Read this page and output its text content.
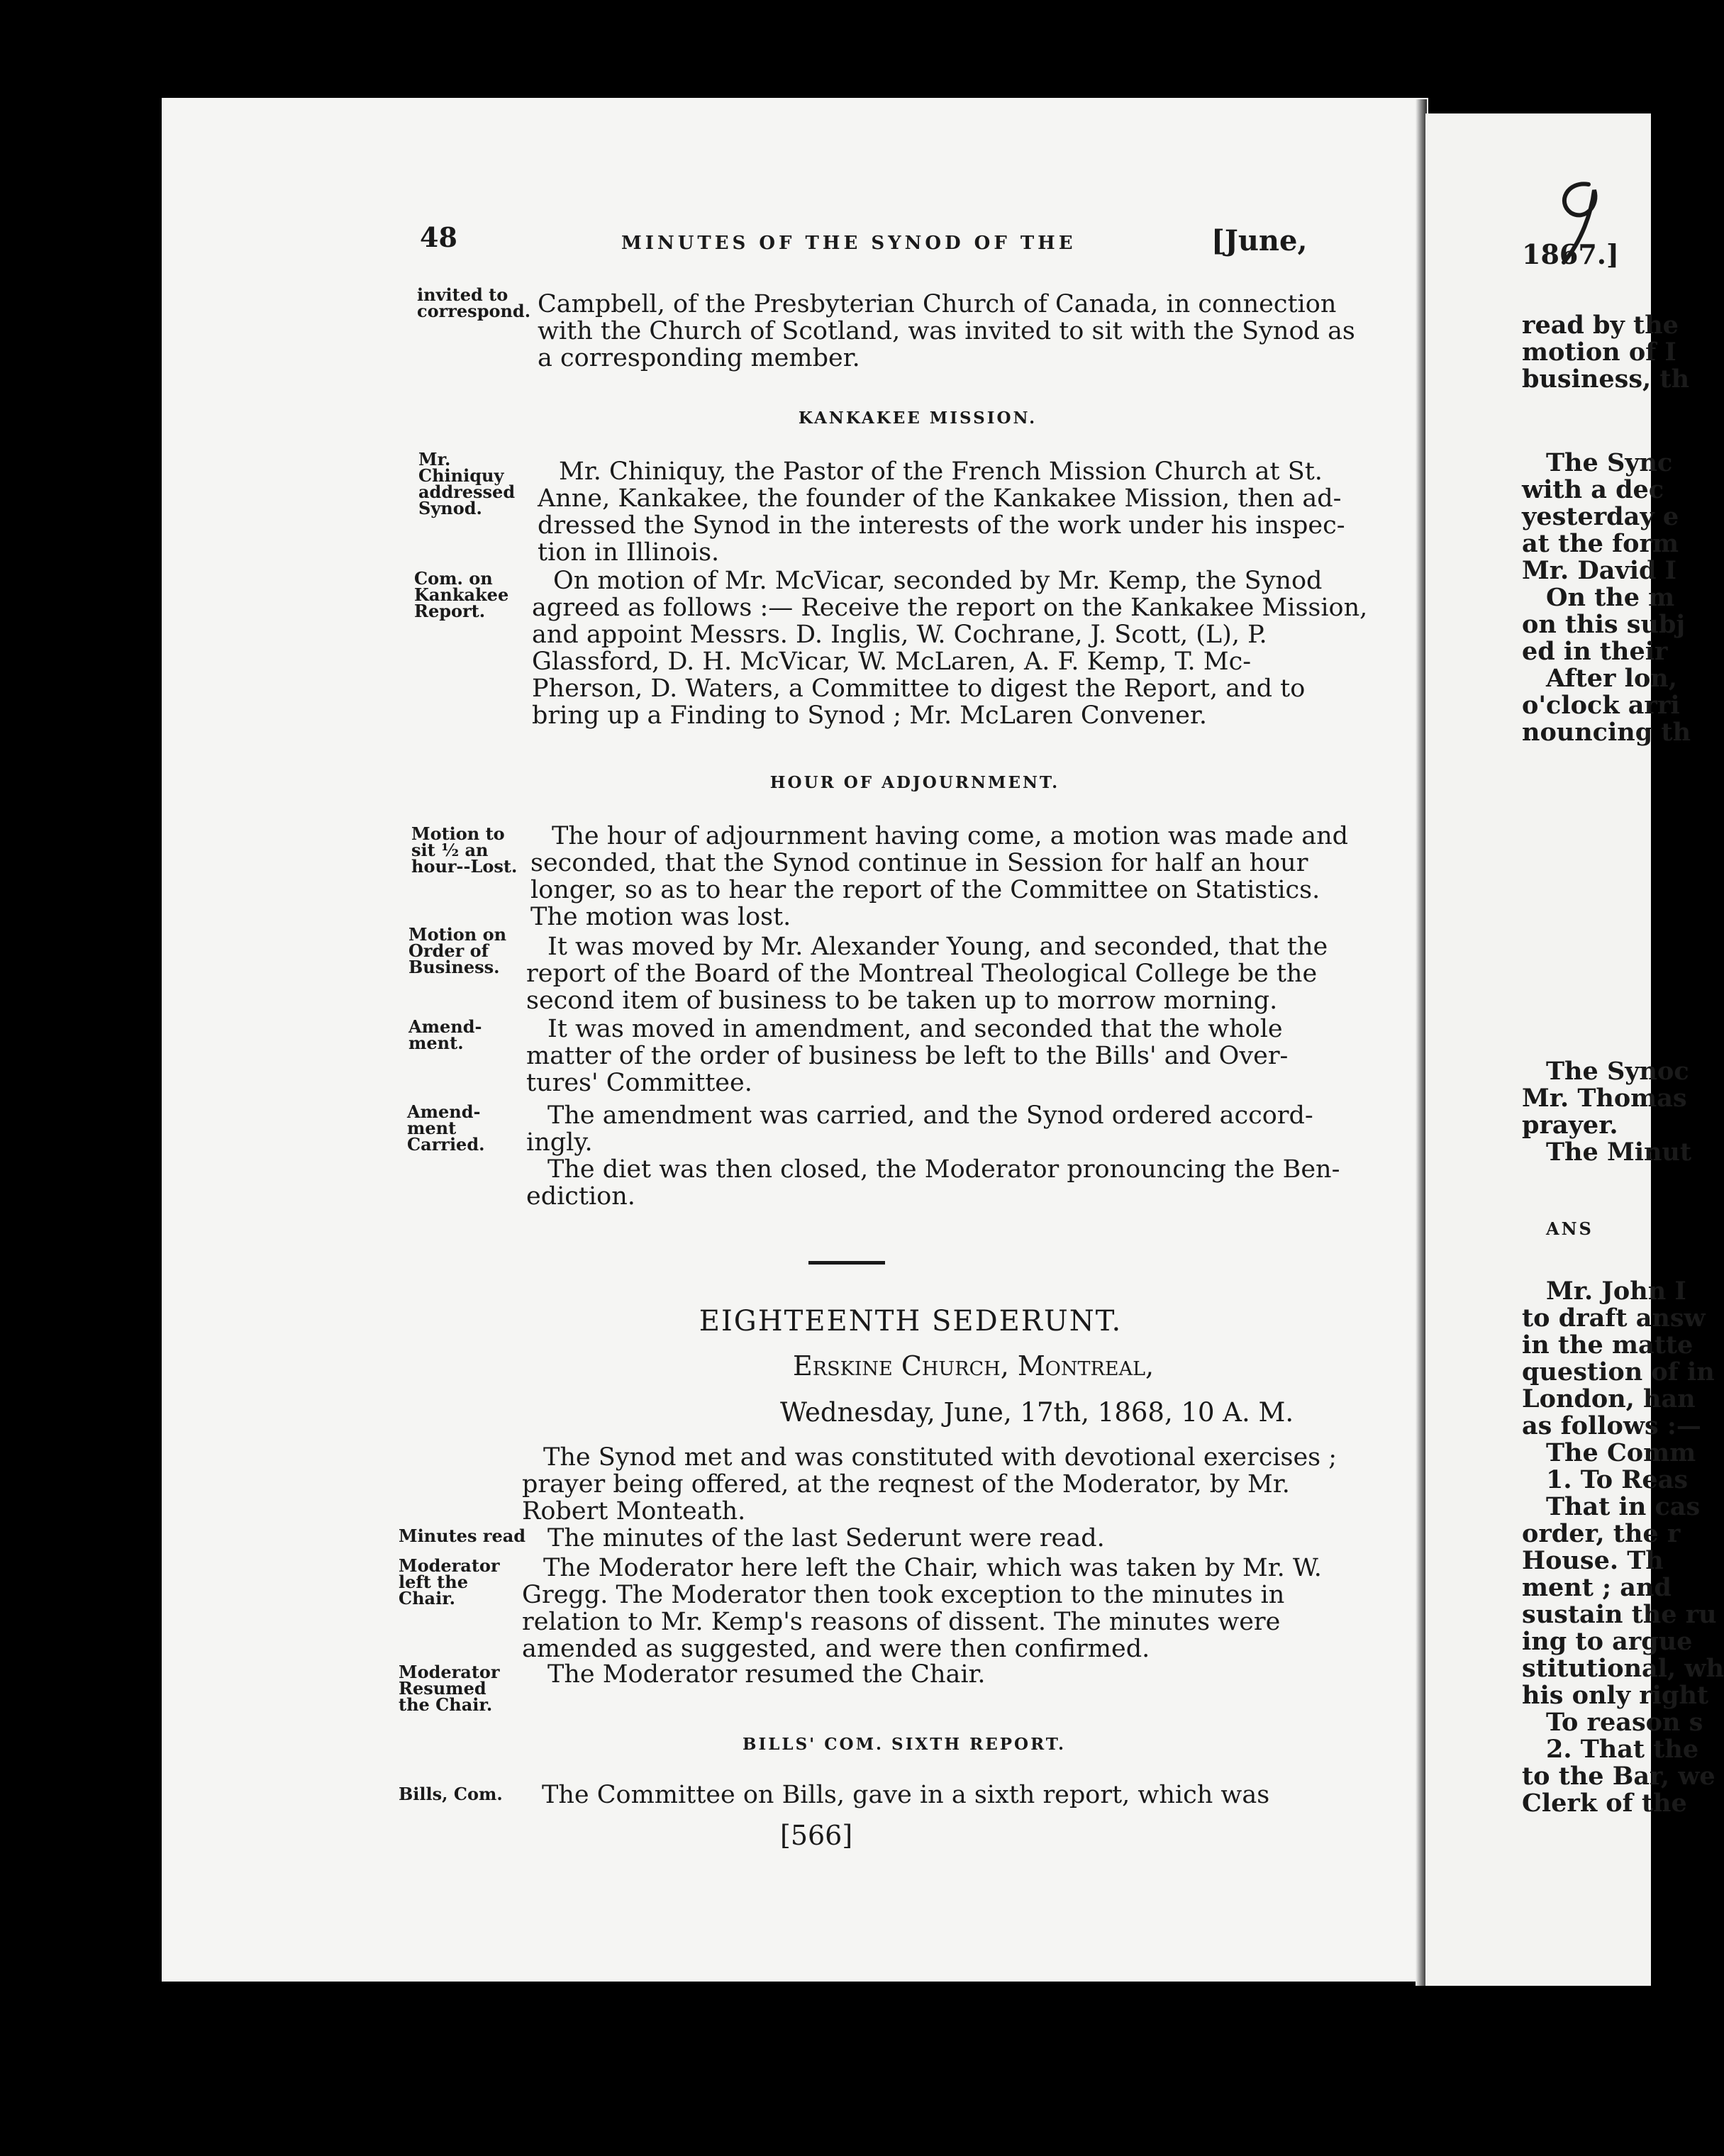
48	MINUTES OF THE SYNOD OF THE	[June,
invited to correspond. Campbell, of the Presbyterian Church of Canada, in connection
with the Church of Scotland, was invited to sit with the Synod as
a corresponding member.
KANKAKEE MISSION.
Mr. Chiniquy addressed Synod.
Mr. Chiniquy, the Pastor of the French Mission Church at St.
Anne, Kankakee, the founder of the Kankakee Mission, then ad-
dressed the Synod in the interests of the work under his inspec-
tion in Illinois.
Com. on Kankakee Report.
On motion of Mr. McVicar, seconded by Mr. Kemp, the Synod
agreed as follows :— Receive the report on the Kankakee Mission,
and appoint Messrs. D. Inglis, W. Cochrane, J. Scott, (L), P.
Glassford, D. H. McVicar, W. McLaren, A. F. Kemp, T. Mc-
Pherson, D. Waters, a Committee to digest the Report, and to
bring up a Finding to Synod ; Mr. McLaren Convener.
HOUR OF ADJOURNMENT.
Motion to sit ½ an hour--Lost.
The hour of adjournment having come, a motion was made and
seconded, that the Synod continue in Session for half an hour
longer, so as to hear the report of the Committee on Statistics.
The motion was lost.
Motion on Order of Business.
It was moved by Mr. Alexander Young, and seconded, that the
report of the Board of the Montreal Theological College be the
second item of business to be taken up to morrow morning.
Amend- ment.	It was moved in amendment, and seconded that the whole
matter of the order of business be left to the Bills' and Over-
tures' Committee.
Amend- ment Carried.
The amendment was carried, and the Synod ordered accord-
ingly.
The diet was then closed, the Moderator pronouncing the Ben-
ediction.
EIGHTEENTH SEDERUNT.
Erskine Church, Montreal,
Wednesday, June, 17th, 1868, 10 A. M.
The Synod met and was constituted with devotional exercises ;
prayer being offered, at the reqnest of the Moderator, by Mr.
Robert Monteath.
Minutes read The minutes of the last Sederunt were read.
Moderator left the Chair.
The Moderator here left the Chair, which was taken by Mr. W.
Gregg. The Moderator then took exception to the minutes in
relation to Mr. Kemp's reasons of dissent. The minutes were
amended as suggested, and were then confirmed.
Moderator Resumed the Chair.
The Moderator resumed the Chair.
BILLS' COM. SIXTH REPORT.
Bills, Com.	The Committee on Bills, gave in a sixth report, which was
[566]
1867.]
read by the
motion of I
business, th
The Sync
with a dec
yesterday e
at the form
Mr. David I
On the m
on this subj
ed in their
After lon,
o'clock arri
nouncing th
The Synoc
Mr. Thomas
prayer.
The Minut
ANS
Mr. John I
to draft answ
in the matte
question of in
London, han
as follows :—
The Comm
1. To Reas
That in cas
order, the r
House. Th
ment ; and
sustain the ru
ing to argue
stitutional, wh
his only right
To reason s
2. That the
to the Bar, we
Clerk of the
